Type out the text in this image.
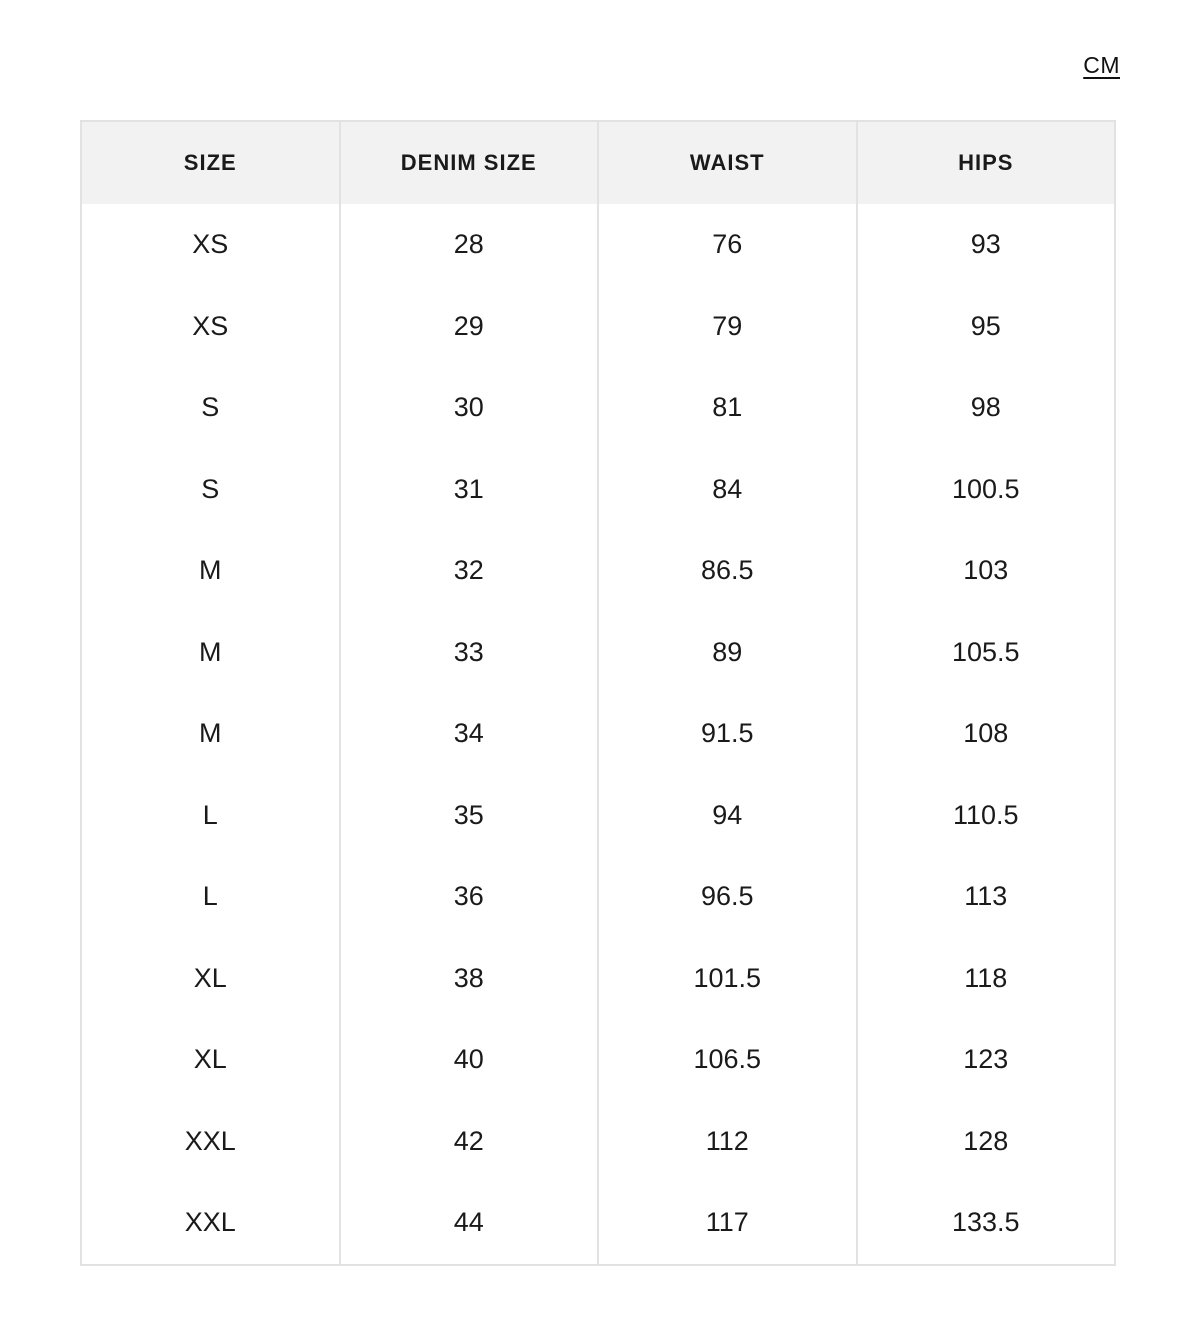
CM
SIZE	DENIM SIZE	WAIST	HIPS
XS	28	76	93
XS	29	79	95
S	30	81	98
S	31	84	100.5
M	32	86.5	103
M	33	89	105.5
M	34	91.5	108
L	35	94	110.5
L	36	96.5	113
XL	38	101.5	118
XL	40	106.5	123
XXL	42	112	128
XXL	44	117	133.5
